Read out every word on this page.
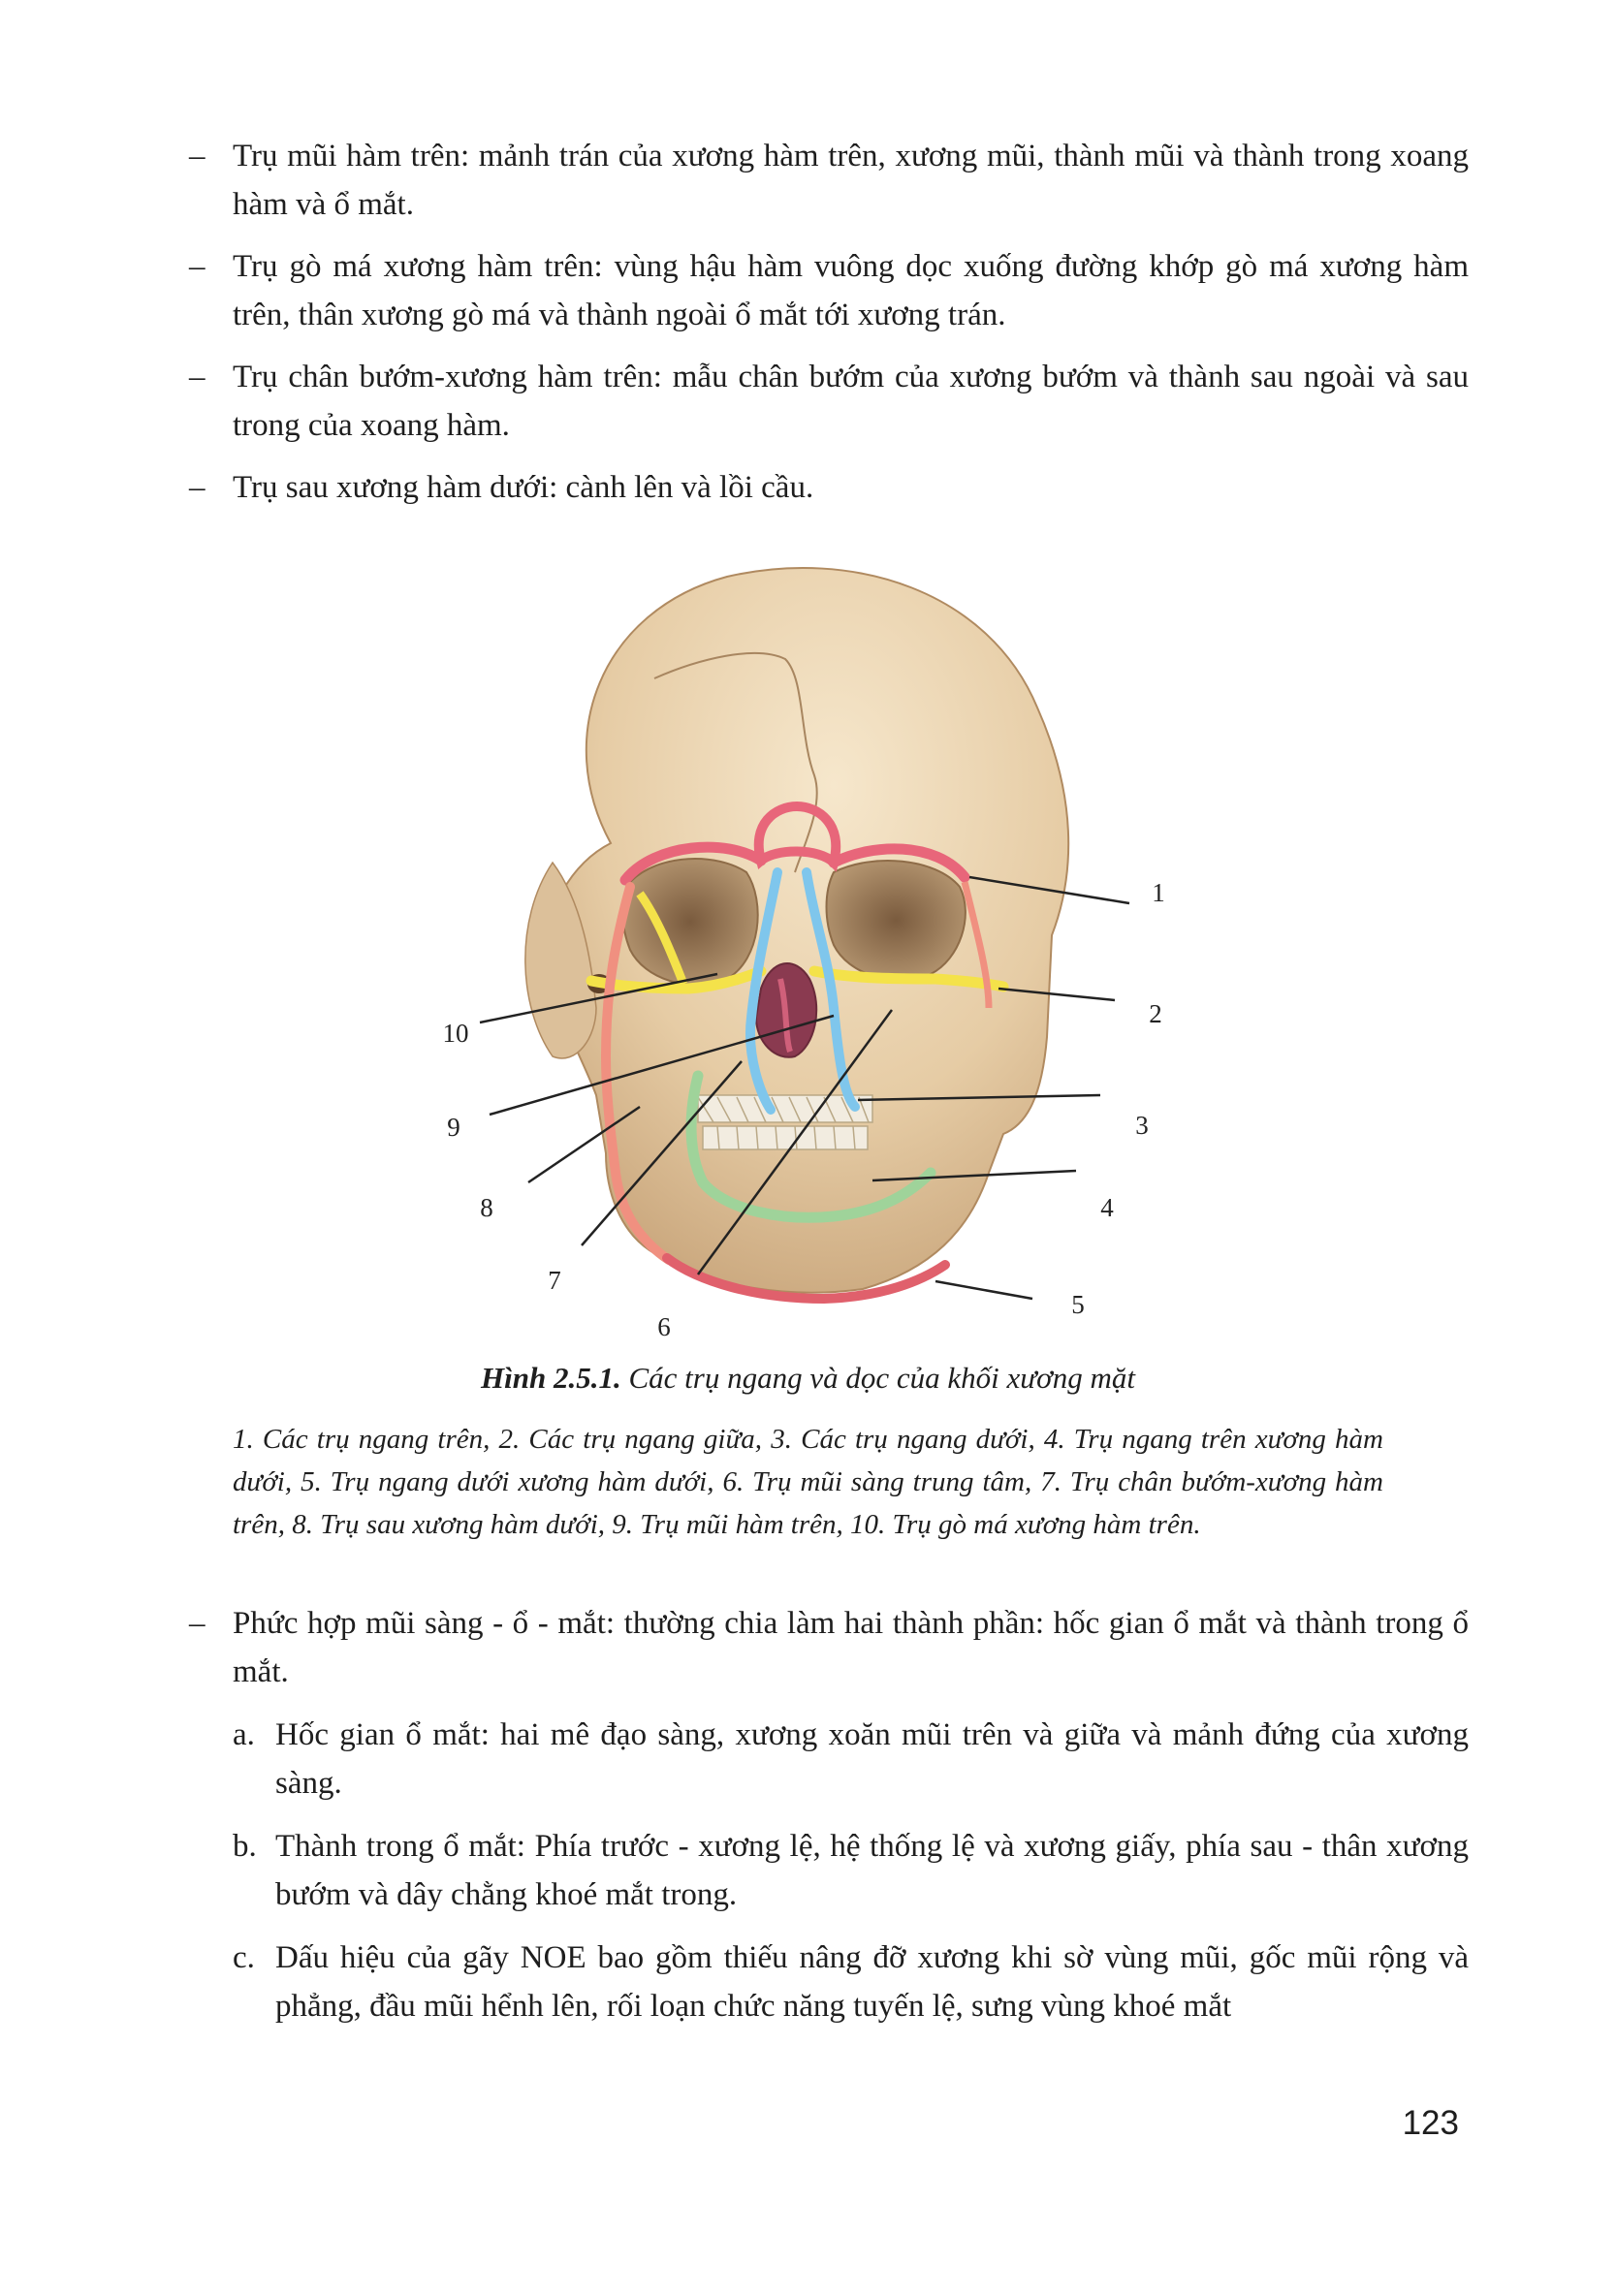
– Trụ mũi hàm trên: mảnh trán của xương hàm trên, xương mũi, thành mũi và thành trong xoang hàm và ổ mắt.
– Trụ gò má xương hàm trên: vùng hậu hàm vuông dọc xuống đường khớp gò má xương hàm trên, thân xương gò má và thành ngoài ổ mắt tới xương trán.
– Trụ chân bướm-xương hàm trên: mẫu chân bướm của xương bướm và thành sau ngoài và sau trong của xoang hàm.
– Trụ sau xương hàm dưới: cành lên và lồi cầu.
1
2
3
4
5
6
7
8
9
10
Hình 2.5.1. Các trụ ngang và dọc của khối xương mặt
1. Các trụ ngang trên, 2. Các trụ ngang giữa, 3. Các trụ ngang dưới, 4. Trụ ngang trên xương hàm dưới, 5. Trụ ngang dưới xương hàm dưới, 6. Trụ mũi sàng trung tâm, 7. Trụ chân bướm-xương hàm trên, 8. Trụ sau xương hàm dưới, 9. Trụ mũi hàm trên, 10. Trụ gò má xương hàm trên.
– Phức hợp mũi sàng - ổ - mắt: thường chia làm hai thành phần: hốc gian ổ mắt và thành trong ổ mắt.
a. Hốc gian ổ mắt: hai mê đạo sàng, xương xoăn mũi trên và giữa và mảnh đứng của xương sàng.
b. Thành trong ổ mắt: Phía trước - xương lệ, hệ thống lệ và xương giấy, phía sau - thân xương bướm và dây chằng khoé mắt trong.
c. Dấu hiệu của gãy NOE bao gồm thiếu nâng đỡ xương khi sờ vùng mũi, gốc mũi rộng và phẳng, đầu mũi hểnh lên, rối loạn chức năng tuyến lệ, sưng vùng khoé mắt
123
